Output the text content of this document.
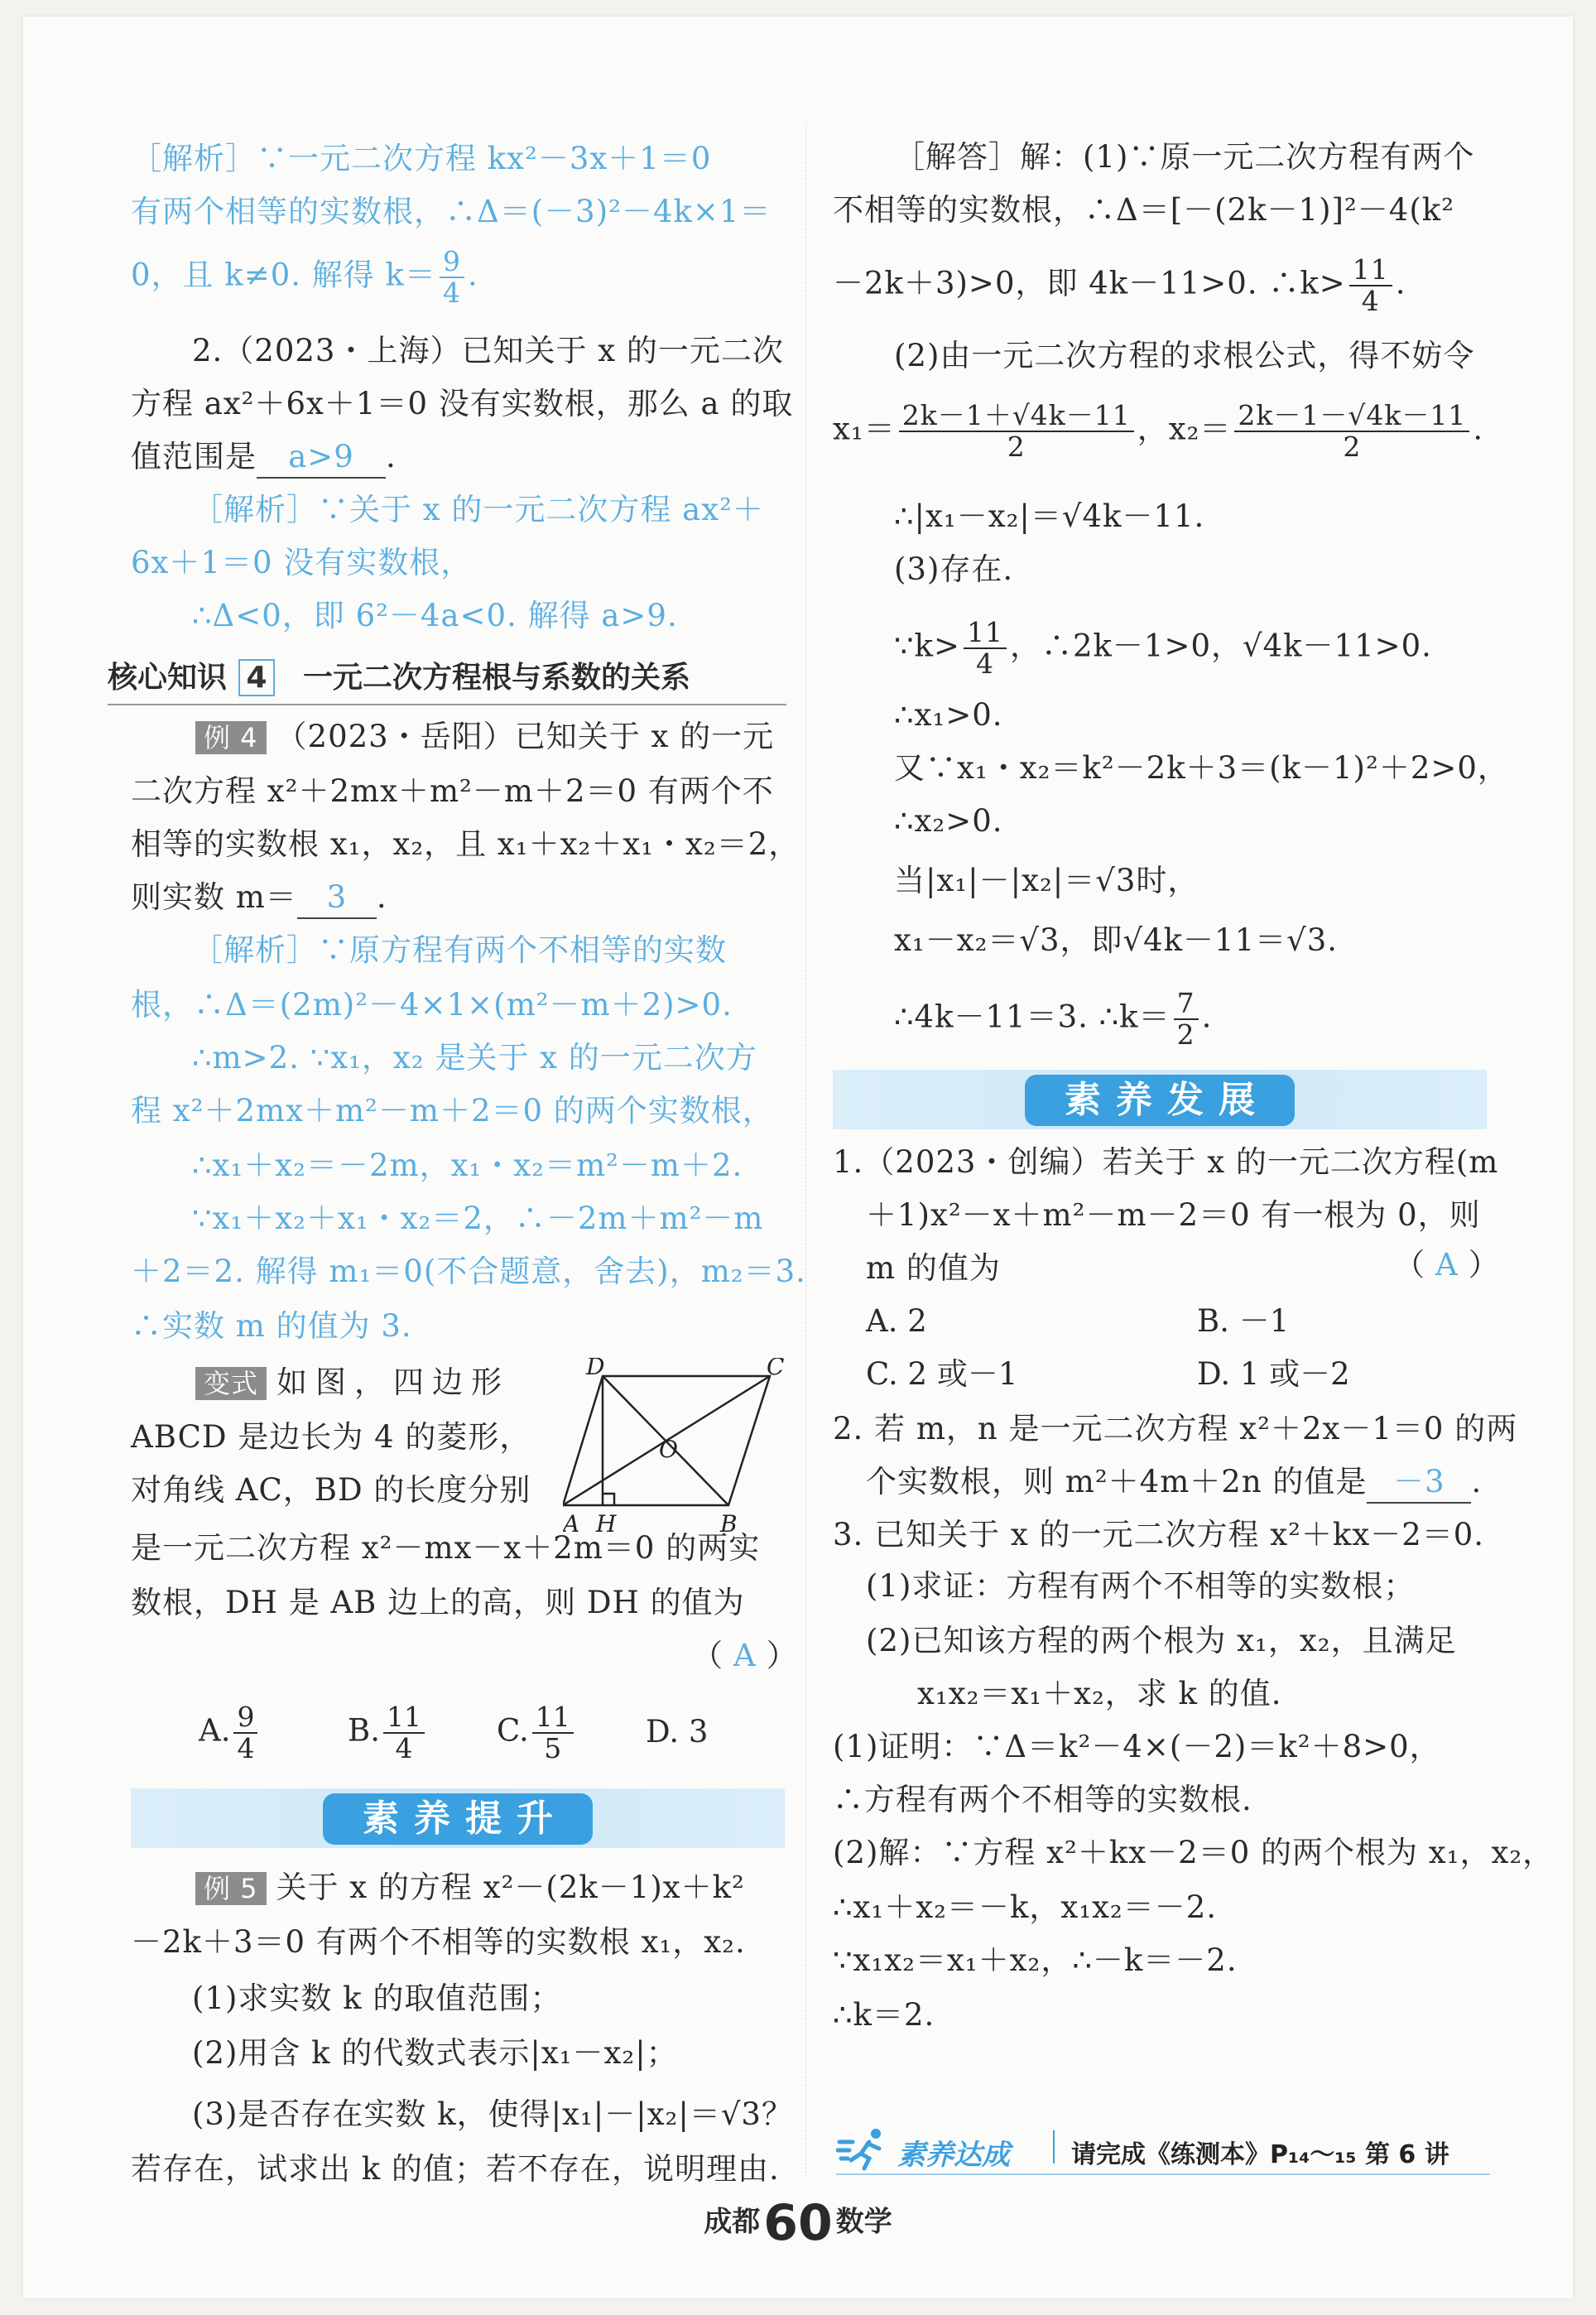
［解析］∵一元二次方程 kx²－3x＋1＝0
有两个相等的实数根，∴Δ＝(－3)²－4k×1＝
0，且 k≠0. 解得 $k= \frac{9}{4}$ .
2.（2023・上海）已知关于 x 的一元二次
方程 ax²＋6x＋1＝0 没有实数根，那么 a 的取
值范围是 a>9 .
［解析］∵关于 x 的一元二次方程 ax²＋
6x＋1＝0 没有实数根，
∴Δ<0，即 6²－4a<0. 解得 a>9.
核心知识 4 一元二次方程根与系数的关系
例 4 （2023・岳阳）已知关于 x 的一元
二次方程 x²＋2mx＋m²－m＋2＝0 有两个不
相等的实数根 x₁，x₂，且 x₁＋x₂＋x₁・x₂＝2，
则实数 m＝ 3 .
［解析］∵原方程有两个不相等的实数
根，∴Δ＝(2m)²－4×1×(m²－m＋2)>0.
∴m>2. ∵x₁，x₂ 是关于 x 的一元二次方
程 x²＋2mx＋m²－m＋2＝0 的两个实数根，
∴x₁＋x₂＝－2m，x₁・x₂＝m²－m＋2.
∵x₁＋x₂＋x₁・x₂＝2，∴－2m＋m²－m
＋2＝2. 解得 m₁＝0(不合题意，舍去)，m₂＝3.
∴实数 m 的值为 3.
变式 如图，四边形
ABCD 是边长为 4 的菱形，
对角线 AC，BD 的长度分别
是一元二次方程 x²－mx－x＋2m＝0 的两实
数根，DH 是 AB 边上的高，则 DH 的值为
（ A ）
D	C
O
A H	B
A. $\frac{9}{4}$	B. $\frac{11}{4} C$. $\frac{11}{5} D$. 3
素养提升
例 5 关于 x 的方程 x²－(2k－1)x＋k²
－2k＋3＝0 有两个不相等的实数根 x₁，x₂.
(1)求实数 k 的取值范围；
(2)用含 k 的代数式表示|x₁－x₂|；
(3)是否存在实数 k，使得|x₁|－|x₂|＝√3？
若存在，试求出 k 的值；若不存在，说明理由.
［解答］解：(1)∵原一元二次方程有两个
不相等的实数根，∴Δ＝[－(2k－1)]²－4(k²
－2k＋3)>0，即 4k－11>0. ∴k> $\frac{11}{4}$ .
(2)由一元二次方程的求根公式，得不妨令
$x_1= \frac{2k-1+√4k-11}{2}$ ，$x_2= \frac{2k-1-√4k-11}{2}$ .
∴|x₁－x₂|＝√4k－11.
(3)存在.
∵k> $\frac{11}{4}$ ，∴2k－1>0，√4k－11>0.
∴x₁>0.
又∵x₁・x₂＝k²－2k＋3＝(k－1)²＋2>0，
∴x₂>0.
当|x₁|－|x₂|＝√3时，
x₁－x₂＝√3，即√4k－11＝√3.
∴4k－11＝3. ∴k＝ $\frac{7}{2}$ .
素养发展
1.（2023・创编）若关于 x 的一元二次方程(m
＋1)x²－x＋m²－m－2＝0 有一根为 0，则
m 的值为	（ A ）
A. 2	B. －1
C. 2 或－1	D. 1 或－2
2. 若 m，n 是一元二次方程 x²＋2x－1＝0 的两
个实数根，则 m²＋4m＋2n 的值是 －3 .
3. 已知关于 x 的一元二次方程 x²＋kx－2＝0.
(1)求证：方程有两个不相等的实数根；
(2)已知该方程的两个根为 x₁，x₂，且满足
x₁x₂＝x₁＋x₂，求 k 的值.
(1)证明：∵Δ＝k²－4×(－2)＝k²＋8>0，
∴方程有两个不相等的实数根.
(2)解：∵方程 x²＋kx－2＝0 的两个根为 x₁，x₂，
∴x₁＋x₂＝－k，x₁x₂＝－2.
∵x₁x₂＝x₁＋x₂，∴－k＝－2.
∴k＝2.
素养达成 请完成《练测本》P₁₄～₁₅ 第 6 讲
成都60 数学
